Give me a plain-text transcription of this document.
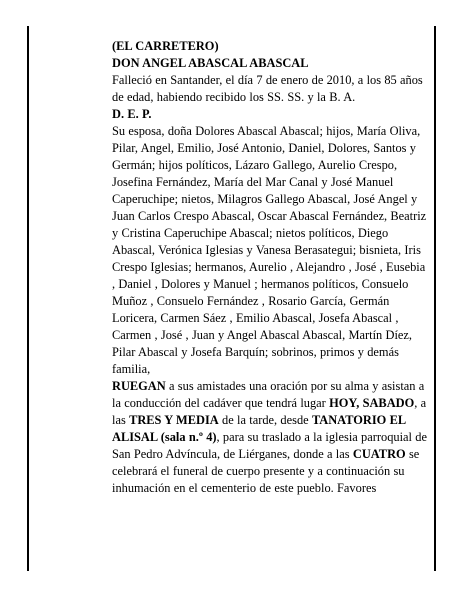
(EL CARRETERO)

DON ANGEL ABASCAL ABASCAL

Falleció en Santander, el día 7 de enero de 2010, a los 85 años de edad, habiendo recibido los SS. SS. y la B. A.

D. E. P.

Su esposa, doña Dolores Abascal Abascal; hijos, María Oliva, Pilar, Angel, Emilio, José Antonio, Daniel, Dolores, Santos y Germán; hijos políticos, Lázaro Gallego, Aurelio Crespo, Josefina Fernández, María del Mar Canal y José Manuel Caperuchipe; nietos, Milagros Gallego Abascal, José Angel y Juan Carlos Crespo Abascal, Oscar Abascal Fernández, Beatriz y Cristina Caperuchipe Abascal; nietos políticos, Diego Abascal, Verónica Iglesias y Vanesa Berasategui; bisnieta, Iris Crespo Iglesias; hermanos, Aurelio , Alejandro , José , Eusebia , Daniel , Dolores y Manuel ; hermanos políticos, Consuelo Muñoz , Consuelo Fernández , Rosario García, Germán Loricera, Carmen Sáez , Emilio Abascal, Josefa Abascal , Carmen , José , Juan y Angel Abascal Abascal, Martín Díez, Pilar Abascal y Josefa Barquín; sobrinos, primos y demás familia,

RUEGAN a sus amistades una oración por su alma y asistan a la conducción del cadáver que tendrá lugar HOY, SABADO, a las TRES Y MEDIA de la tarde, desde TANATORIO EL ALISAL (sala n.º 4), para su traslado a la iglesia parroquial de San Pedro Advíncula, de Liérganes, donde a las CUATRO se celebrará el funeral de cuerpo presente y a continuación su inhumación en el cementerio de este pueblo. Favores
